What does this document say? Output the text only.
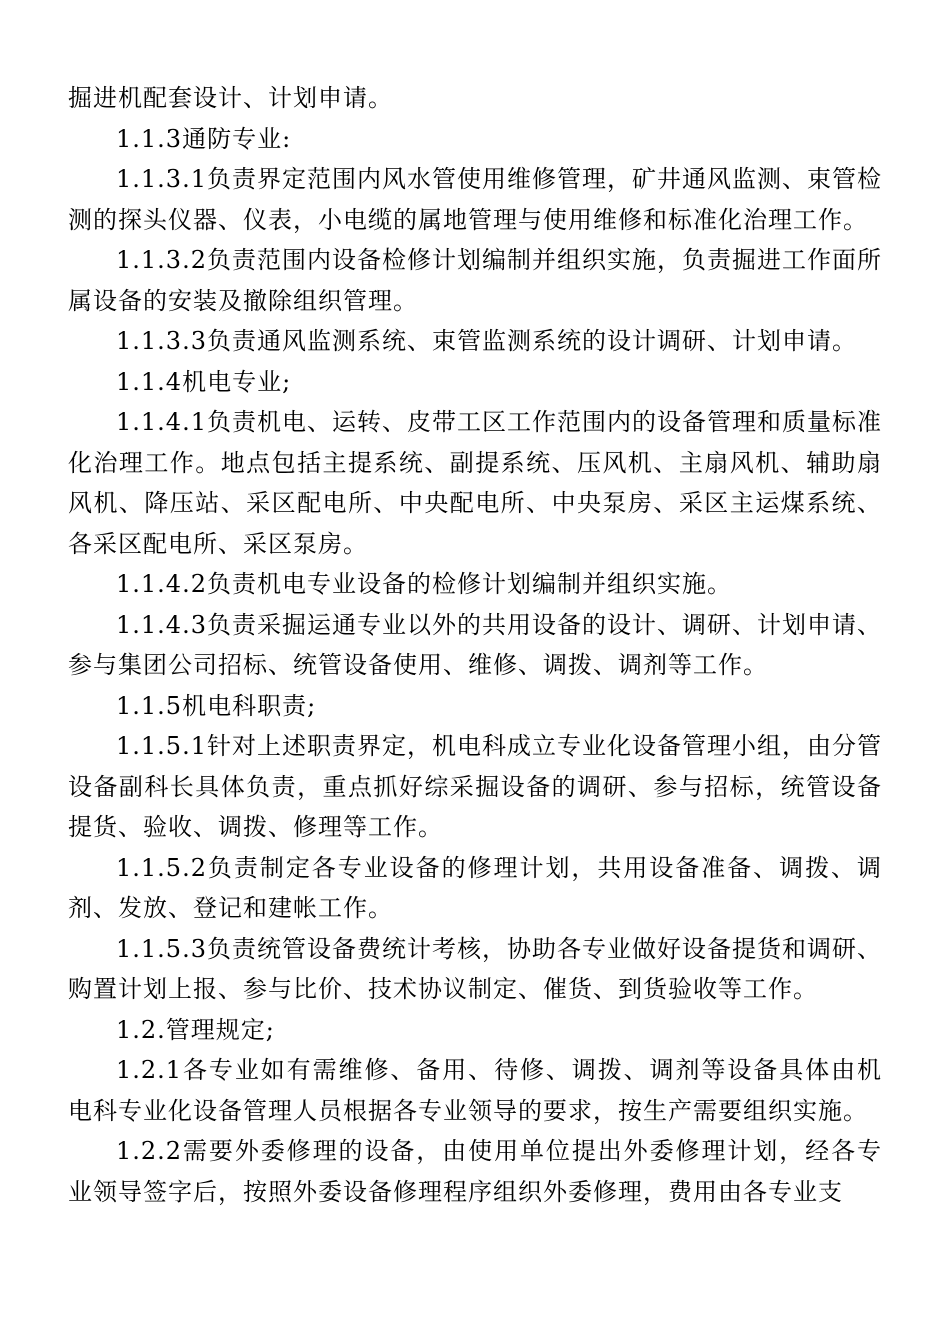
掘进机配套设计、计划申请。

1.1.3通防专业:

1.1.3.1负责界定范围内风水管使用维修管理，矿井通风监测、束管检测的探头仪器、仪表，小电缆的属地管理与使用维修和标准化治理工作。

1.1.3.2负责范围内设备检修计划编制并组织实施，负责掘进工作面所属设备的安装及撤除组织管理。

1.1.3.3负责通风监测系统、束管监测系统的设计调研、计划申请。

1.1.4机电专业;

1.1.4.1负责机电、运转、皮带工区工作范围内的设备管理和质量标准化治理工作。地点包括主提系统、副提系统、压风机、主扇风机、辅助扇风机、降压站、采区配电所、中央配电所、中央泵房、采区主运煤系统、各采区配电所、采区泵房。

1.1.4.2负责机电专业设备的检修计划编制并组织实施。

1.1.4.3负责采掘运通专业以外的共用设备的设计、调研、计划申请、参与集团公司招标、统管设备使用、维修、调拨、调剂等工作。

1.1.5机电科职责;

1.1.5.1针对上述职责界定，机电科成立专业化设备管理小组，由分管设备副科长具体负责，重点抓好综采掘设备的调研、参与招标，统管设备提货、验收、调拨、修理等工作。

1.1.5.2负责制定各专业设备的修理计划，共用设备准备、调拨、调剂、发放、登记和建帐工作。

1.1.5.3负责统管设备费统计考核，协助各专业做好设备提货和调研、购置计划上报、参与比价、技术协议制定、催货、到货验收等工作。

1.2.管理规定;

1.2.1各专业如有需维修、备用、待修、调拨、调剂等设备具体由机电科专业化设备管理人员根据各专业领导的要求，按生产需要组织实施。

1.2.2需要外委修理的设备，由使用单位提出外委修理计划，经各专业领导签字后，按照外委设备修理程序组织外委修理，费用由各专业支
